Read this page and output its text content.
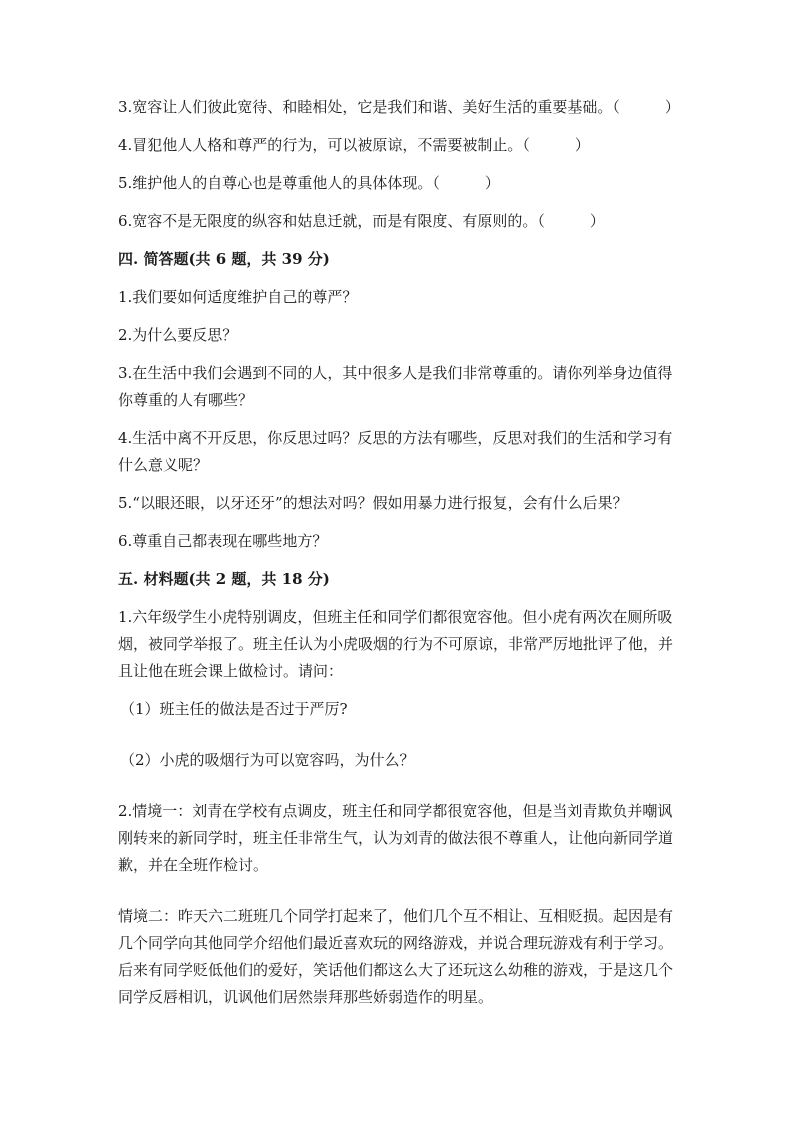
3.宽容让人们彼此宽待、和睦相处，它是我们和谐、美好生活的重要基础。（　　　）

4.冒犯他人人格和尊严的行为，可以被原谅，不需要被制止。（　　　）

5.维护他人的自尊心也是尊重他人的具体体现。（　　　）

6.宽容不是无限度的纵容和姑息迁就，而是有限度、有原则的。（　　　）

四. 简答题(共 6 题，共 39 分)

1.我们要如何适度维护自己的尊严？

2.为什么要反思？

3.在生活中我们会遇到不同的人，其中很多人是我们非常尊重的。请你列举身边值得你尊重的人有哪些？

4.生活中离不开反思，你反思过吗？反思的方法有哪些，反思对我们的生活和学习有什么意义呢？

5.“以眼还眼，以牙还牙”的想法对吗？假如用暴力进行报复，会有什么后果？

6.尊重自己都表现在哪些地方？

五. 材料题(共 2 题，共 18 分)

1.六年级学生小虎特别调皮，但班主任和同学们都很宽容他。但小虎有两次在厕所吸烟，被同学举报了。班主任认为小虎吸烟的行为不可原谅，非常严厉地批评了他，并且让他在班会课上做检讨。请问：

（1）班主任的做法是否过于严厉?

（2）小虎的吸烟行为可以宽容吗，为什么？

2.情境一：刘青在学校有点调皮，班主任和同学都很宽容他，但是当刘青欺负并嘲讽刚转来的新同学时，班主任非常生气，认为刘青的做法很不尊重人，让他向新同学道歉，并在全班作检讨。

情境二：昨天六二班班几个同学打起来了，他们几个互不相让、互相贬损。起因是有几个同学向其他同学介绍他们最近喜欢玩的网络游戏，并说合理玩游戏有利于学习。后来有同学贬低他们的爱好，笑话他们都这么大了还玩这么幼稚的游戏，于是这几个同学反唇相讥，讥讽他们居然崇拜那些娇弱造作的明星。
